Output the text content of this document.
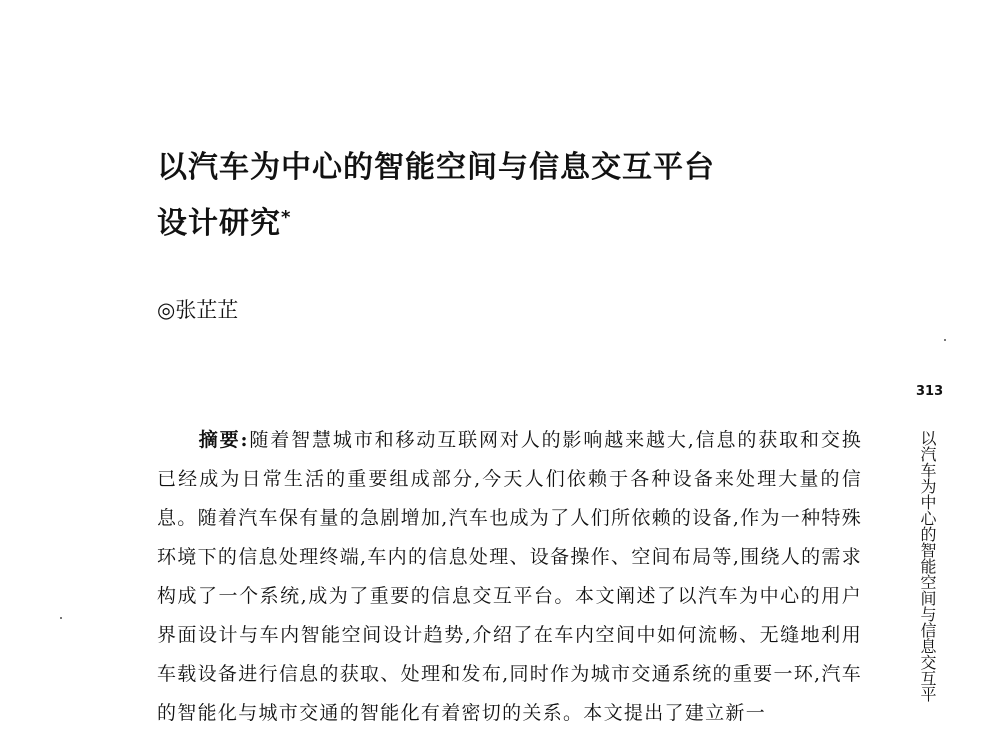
以汽车为中心的智能空间与信息交互平台
设计研究*
◎张芷芷
313
以汽车为中心的智能空间与信息交互平

摘要:随着智慧城市和移动互联网对人的影响越来越大,信息的获取和交换已经成为日常生活的重要组成部分,今天人们依赖于各种设备来处理大量的信息。随着汽车保有量的急剧增加,汽车也成为了人们所依赖的设备,作为一种特殊环境下的信息处理终端,车内的信息处理、设备操作、空间布局等,围绕人的需求构成了一个系统,成为了重要的信息交互平台。本文阐述了以汽车为中心的用户界面设计与车内智能空间设计趋势,介绍了在车内空间中如何流畅、无缝地利用车载设备进行信息的获取、处理和发布,同时作为城市交通系统的重要一环,汽车的智能化与城市交通的智能化有着密切的关系。本文提出了建立新一
